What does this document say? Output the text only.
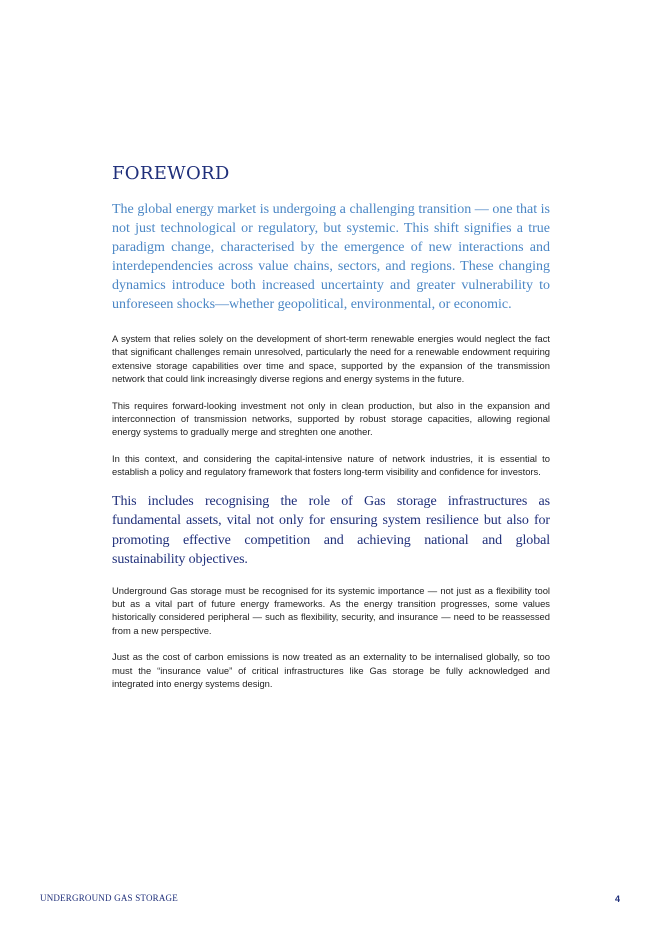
FOREWORD

The global energy market is undergoing a challenging transition — one that is not just technological or regulatory, but systemic. This shift signifies a true paradigm change, characterised by the emergence of new interactions and interdependencies across value chains, sectors, and regions. These changing dynamics introduce both increased uncertainty and greater vulnerability to unforeseen shocks—whether geopolitical, environmental, or economic.

A system that relies solely on the development of short-term renewable energies would neglect the fact that significant challenges remain unresolved, particularly the need for a renewable endowment requiring extensive storage capabilities over time and space, supported by the expansion of the transmission network that could link increasingly diverse regions and energy systems in the future.

This requires forward-looking investment not only in clean production, but also in the expansion and interconnection of transmission networks, supported by robust storage capacities, allowing regional energy systems to gradually merge and streghten one another.

In this context, and considering the capital-intensive nature of network industries, it is essential to establish a policy and regulatory framework that fosters long-term visibility and confidence for investors.

This includes recognising the role of Gas storage infrastructures as fundamental assets, vital not only for ensuring system resilience but also for promoting effective competition and achieving national and global sustainability objectives.

Underground Gas storage must be recognised for its systemic importance — not just as a flexibility tool but as a vital part of future energy frameworks. As the energy transition progresses, some values historically considered peripheral — such as flexibility, security, and insurance — need to be reassessed from a new perspective.

Just as the cost of carbon emissions is now treated as an externality to be internalised globally, so too must the “insurance value” of critical infrastructures like Gas storage be fully acknowledged and integrated into energy systems design.

UNDERGROUND GAS STORAGE	4
